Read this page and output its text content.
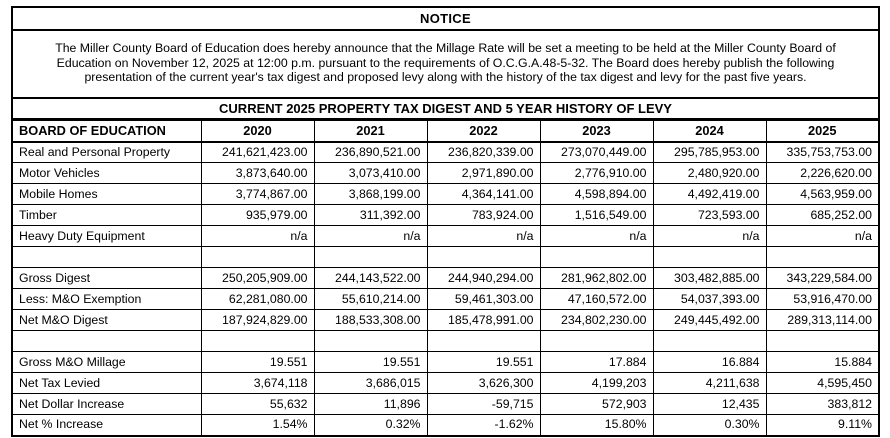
NOTICE

The Miller County Board of Education does hereby announce that the Millage Rate will be set a meeting to be held at the Miller County Board of Education on November 12, 2025 at 12:00 p.m. pursuant to the requirements of O.C.G.A.48-5-32. The Board does hereby publish the following presentation of the current year's tax digest and proposed levy along with the history of the tax digest and levy for the past five years.

CURRENT 2025 PROPERTY TAX DIGEST AND 5 YEAR HISTORY OF LEVY
BOARD OF EDUCATION	2020	2021	2022	2023	2024	2025
Real and Personal Property	241,621,423.00	236,890,521.00	236,820,339.00	273,070,449.00	295,785,953.00	335,753,753.00
Motor Vehicles	3,873,640.00	3,073,410.00	2,971,890.00	2,776,910.00	2,480,920.00	2,226,620.00
Mobile Homes	3,774,867.00	3,868,199.00	4,364,141.00	4,598,894.00	4,492,419.00	4,563,959.00
Timber	935,979.00	311,392.00	783,924.00	1,516,549.00	723,593.00	685,252.00
Heavy Duty Equipment	n/a	n/a	n/a	n/a	n/a	n/a

Gross Digest	250,205,909.00	244,143,522.00	244,940,294.00	281,962,802.00	303,482,885.00	343,229,584.00
Less: M&O Exemption	62,281,080.00	55,610,214.00	59,461,303.00	47,160,572.00	54,037,393.00	53,916,470.00
Net M&O Digest	187,924,829.00	188,533,308.00	185,478,991.00	234,802,230.00	249,445,492.00	289,313,114.00

Gross M&O Millage	19.551	19.551	19.551	17.884	16.884	15.884
Net Tax Levied	3,674,118	3,686,015	3,626,300	4,199,203	4,211,638	4,595,450
Net Dollar Increase	55,632	11,896	-59,715	572,903	12,435	383,812
Net % Increase	1.54%	0.32%	-1.62%	15.80%	0.30%	9.11%
